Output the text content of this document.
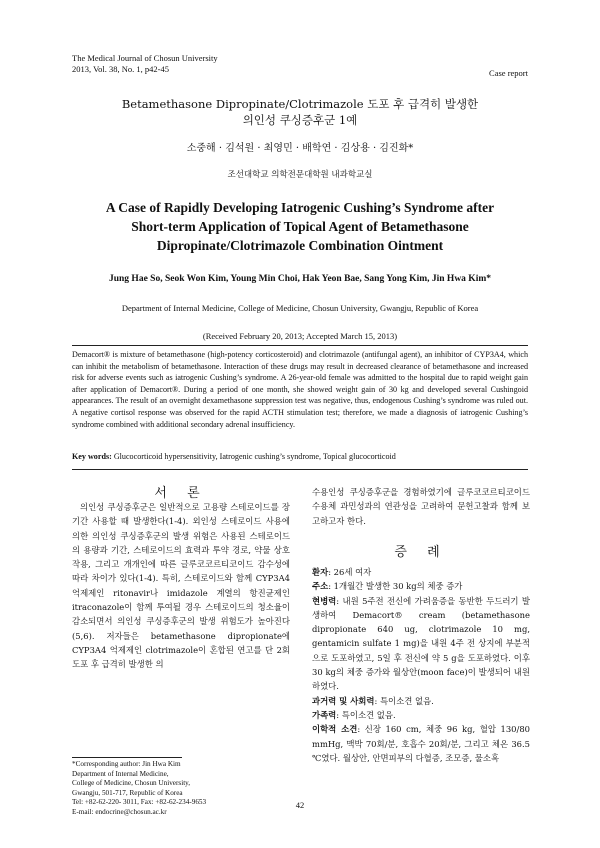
The Medical Journal of Chosun University
2013, Vol. 38, No. 1, p42-45	Case report
Betamethasone Dipropinate/Clotrimazole 도포 후 급격히 발생한
의인성 쿠싱증후군 1예
소중해 · 김석원 · 최영민 · 배학연 · 김상용 · 김진화*
조선대학교 의학전문대학원 내과학교실
A Case of Rapidly Developing Iatrogenic Cushing’s Syndrome after
Short-term Application of Topical Agent of Betamethasone
Dipropinate/Clotrimazole Combination Ointment
Jung Hae So, Seok Won Kim, Young Min Choi, Hak Yeon Bae, Sang Yong Kim, Jin Hwa Kim*
Department of Internal Medicine, College of Medicine, Chosun University, Gwangju, Republic of Korea
(Received February 20, 2013; Accepted March 15, 2013)
Demacort® is mixture of betamethasone (high-potency corticosteroid) and clotrimazole (antifungal agent), an inhibitor of CYP3A4, which can inhibit the metabolism of betamethasone. Interaction of these drugs may result in decreased clearance of betamethasone and increased risk for adverse events such as iatrogenic Cushing’s syndrome. A 26-year-old female was admitted to the hospital due to rapid weight gain after application of Demacort®. During a period of one month, she showed weight gain of 30 kg and developed several Cushingoid appearances. The result of an overnight dexamethasone suppression test was negative, thus, endogenous Cushing’s syndrome was ruled out. A negative cortisol response was observed for the rapid ACTH stimulation test; therefore, we made a diagnosis of iatrogenic Cushing’s syndrome combined with additional secondary adrenal insufficiency.
Key words: Glucocorticoid hypersensitivity, Iatrogenic cushing’s syndrome, Topical glucocorticoid
서 론

의인성 쿠싱증후군은 일반적으로 고용량 스테로이드를 장기간 사용할 때 발생한다(1-4). 외인성 스테로이드 사용에 의한 의인성 쿠싱증후군의 발생 위험은 사용된 스테로이드의 용량과 기간, 스테로이드의 효력과 투약 경로, 약물 상호작용, 그리고 개개인에 따른 글루코코르티코이드 감수성에 따라 차이가 있다(1-4). 특히, 스테로이드와 함께 CYP3A4 억제제인 ritonavir나 imidazole 계열의 항진균제인 itraconazole이 함께 투여될 경우 스테로이드의 청소율이 감소되면서 의인성 쿠싱증후군의 발생 위험도가 높아진다(5,6). 저자들은 betamethasone dipropionate에 CYP3A4 억제제인 clotrimazole이 혼합된 연고를 단 2회 도포 후 급격히 발생한 의

수용인성 쿠싱증후군을 경험하였기에 글루코코르티코이드수용체 과민성과의 연관성을 고려하여 문헌고찰과 함께 보고하고자 한다.

증 례
환자: 26세 여자
주소: 1개월간 발생한 30 kg의 체중 증가
현병력: 내원 5주전 전신에 가려움증을 동반한 두드러기 발생하여 Demacort® cream (betamethasone dipropionate 640 ug, clotrimazole 10 mg, gentamicin sulfate 1 mg)을 내원 4주 전 상지에 부분적으로 도포하였고, 5일 후 전신에 약 5 g을 도포하였다. 이후 30 kg의 체중 증가와 월상안(moon face)이 발생되어 내원하였다.
과거력 및 사회력: 특이소견 없음.
가족력: 특이소견 없음.
이학적 소견: 신장 160 cm, 체중 96 kg, 혈압 130/80 mmHg, 맥박 70회/분, 호흡수 20회/분, 그리고 체온 36.5 ℃였다. 월상안, 안면피부의 다혈증, 조모증, 물소혹
*Corresponding author: Jin Hwa Kim
Department of Internal Medicine,
College of Medicine, Chosun University,
Gwangju, 501-717, Republic of Korea
Tel: +82-62-220- 3011, Fax: +82-62-234-9653
E-mail: endocrine@chosun.ac.kr
42
